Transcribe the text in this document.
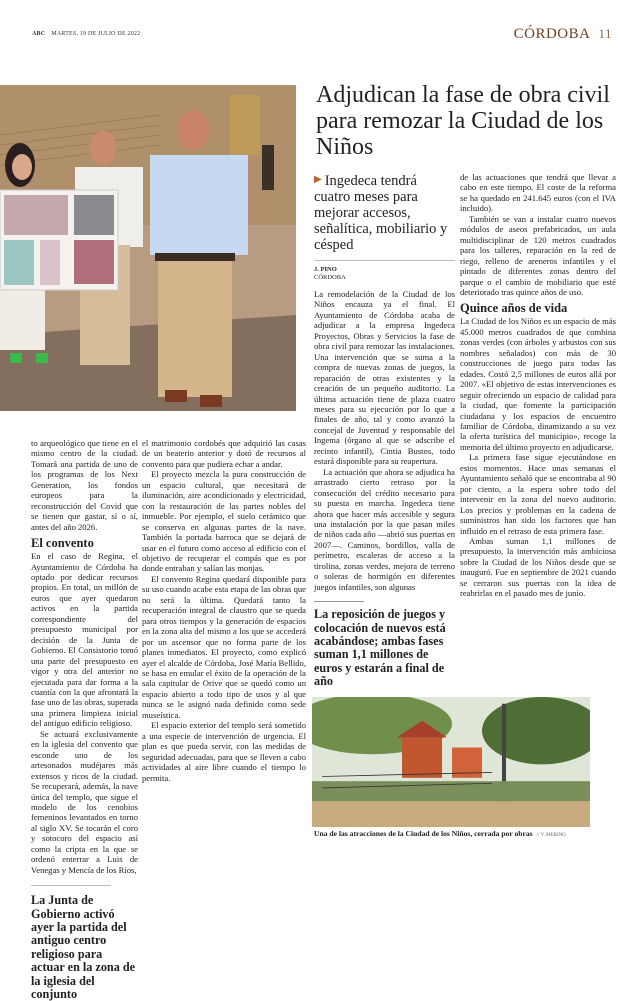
ABC MARTES, 19 DE JULIO DE 2022	CÓRDOBA 11

to arqueológico que tiene en el mismo centro de la ciudad. Tomará una partida de uno de los programas de los Next Generation, los fondos europeos para la reconstrucción del Covid que se tienen que gastar, sí o sí, antes del año 2026.

El convento

En el caso de Regina, el Ayuntamiento de Córdoba ha optado por dedicar recursos propios. En total, un millón de euros que ayer quedaron activos en la partida correspondiente del presupuesto municipal por decisión de la Junta de Gobierno. El Consistorio tomó una parte del presupuesto en vigor y otra del anterior no ejecutada para dar forma a la cuantía con la que afrontará la fase uno de las obras, superada una primera limpieza inicial del antiguo edificio religioso.

Se actuará exclusivamente en la iglesia del convento que esconde uno de los artesonados mudéjares más extensos y ricos de la ciudad. Se recuperará, además, la nave única del templo, que sigue el modelo de los cenobios femeninos levantados en torno al siglo XV. Se tocarán el coro y sotocoro del espacio así como la cripta en la que se ordenó enterrar a Luis de Venegas y Mencía de los Ríos,

La Junta de Gobierno activó ayer la partida del antiguo centro religioso para actuar en la zona de la iglesia del conjunto

el matrimonio cordobés que adquirió las casas de un beaterio anterior y dotó de recursos al convento para que pudiera echar a andar.

El proyecto mezcla la pura construcción de un espacio cultural, que necesitará de iluminación, aire acondicionado y electricidad, con la restauración de las partes nobles del inmueble. Por ejemplo, el suelo cerámico que se conserva en algunas partes de la nave. También la portada barroca que se dejará de usar en el futuro como acceso al edificio con el objetivo de recuperar el compás que es por donde entraban y salían las monjas.

El convento Regina quedará disponible para su uso cuando acabe esta etapa de las obras que no será la última. Quedará tanto la recuperación integral de claustro que se queda para otros tiempos y la generación de espacios en la zona alta del mismo a los que se accederá por un ascensor que no forma parte de los planes inmediatos. El proyecto, como explicó ayer el alcalde de Córdoba, José María Bellido, se basa en emular el éxito de la operación de la sala capitular de Orive que se quedó como un espacio abierto a todo tipo de usos y al que nunca se le asignó nada definido como sede museística.

El espacio exterior del templo será sometido a una especie de intervención de urgencia. El plan es que pueda servir, con las medidas de seguridad adecuadas, para que se lleven a cabo actividades al aire libre cuando el tiempo lo permita.

Adjudican la fase de obra civil para remozar la Ciudad de los Niños
▶ Ingedeca tendrá cuatro meses para mejorar accesos, señalítica, mobiliario y césped
J. PINO
CÓRDOBA

La remodelación de la Ciudad de los Niños encauza ya el final. El Ayuntamiento de Córdoba acaba de adjudicar a la empresa Ingedeca Proyectos, Obras y Servicios la fase de obra civil para remozar las instalaciones. Una intervención que se suma a la compra de nuevas zonas de juegos, la reparación de otras existentes y la creación de un pequeño auditorio. La última actuación tiene de plaza cuatro meses para su ejecución por lo que a finales de año, tal y como avanzó la concejal de Juventud y responsable del Ingema (órgano al que se adscribe el recinto infantil), Cintia Bustos, todo estará disponible para su reapertura.

La actuación que ahora se adjudica ha arrastrado cierto retraso por la consecución del crédito necesario para su puesta en marcha. Ingedeca tiene ahora que hacer más accesible y segura una instalación por la que pasan miles de niños cada año —abrió sus puertas en 2007—. Caminos, bordillos, valla de perímetro, escaleras de acceso a la tirolina, zonas verdes, mejora de terreno o soleras de hormigón en diferentes juegos infantiles, son algunas

La reposición de juegos y colocación de nuevos está acabándose; ambas fases suman 1,1 millones de euros y estarán a final de año

de las actuaciones que tendrá que llevar a cabo en este tiempo. El coste de la reforma se ha quedado en 241.645 euros (con el IVA incluido).

También se van a instalar cuatro nuevos módulos de aseos prefabricados, un aula multidisciplinar de 120 metros cuadrados para los talleres, reparación en la red de riego, relleno de areneros infantiles y el pintado de diferentes zonas dentro del parque o el cambio de mobiliario que esté deteriorado tras quince años de uso.

Quince años de vida

La Ciudad de los Niños es un espacio de más 45.000 metros cuadrados de que combina zonas verdes (con árboles y arbustos con sus nombres señalados) con más de 30 construcciones de juego para todas las edades. Costó 2,5 millones de euros allá por 2007. «El objetivo de estas intervenciones es seguir ofreciendo un espacio de calidad para la ciudad, que fomente la participación ciudadana y los espacios de encuentro familiar de Córdoba, dinamizando a su vez la oferta turística del municipio», recoge la memoria del último proyecto en adjudicarse.

La primera fase sigue ejecutándose en estos momentos. Hace unas semanas el Ayuntamiento señaló que se encontraba al 90 por ciento, a la espera sobre todo del intervenir en la zona del nuevo auditorio. Los precios y problemas en la cadena de suministros han sido los factores que han influido en el retraso de esta primera fase.

Ambas suman 1,1 millones de presupuesto, la intervención más ambiciosa sobre la Ciudad de los Niños desde que se inauguró. Fue en septiembre de 2021 cuando se cerraron sus puertas con la idea de reabrirlas en el pasado mes de junio.

Una de las atracciones de la Ciudad de los Niños, cerrada por obras // V. MERINO
